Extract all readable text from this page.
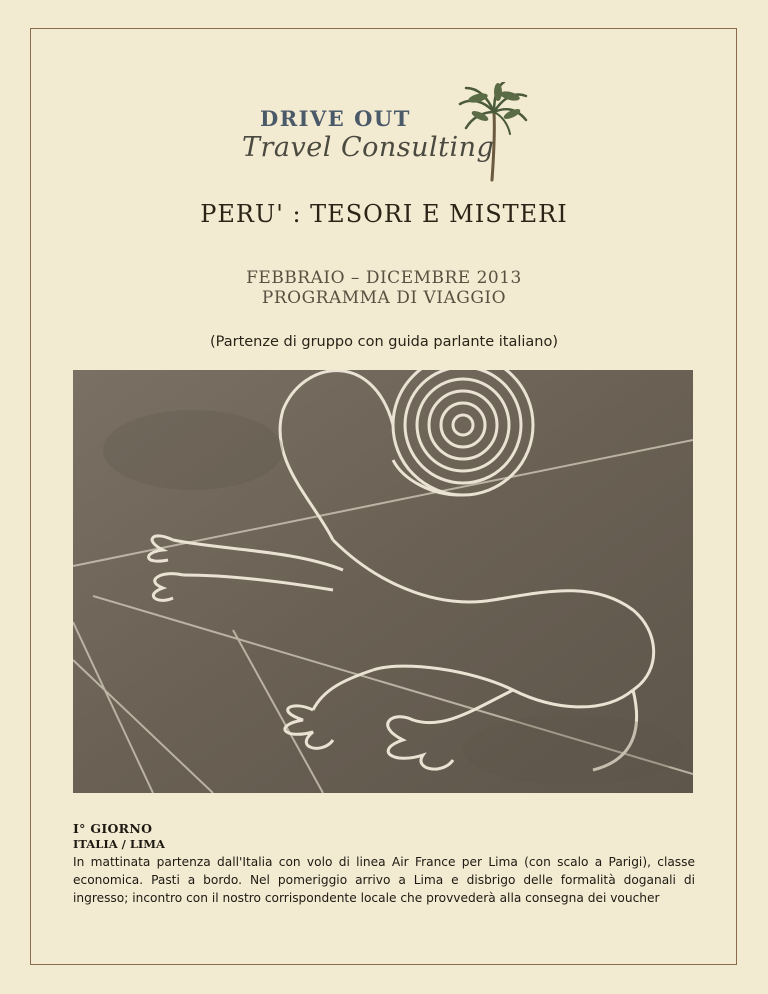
DRIVE OUT
Travel Consulting
PERU' : TESORI E MISTERI
FEBBRAIO – DICEMBRE 2013
PROGRAMMA DI VIAGGIO
(Partenze di gruppo con guida parlante italiano)
I° GIORNO
ITALIA / LIMA
In mattinata partenza dall'Italia con volo di linea Air France per Lima (con scalo a Parigi), classe economica. Pasti a bordo. Nel pomeriggio arrivo a Lima e disbrigo delle formalità doganali di ingresso; incontro con il nostro corrispondente locale che provvederà alla consegna dei voucher
